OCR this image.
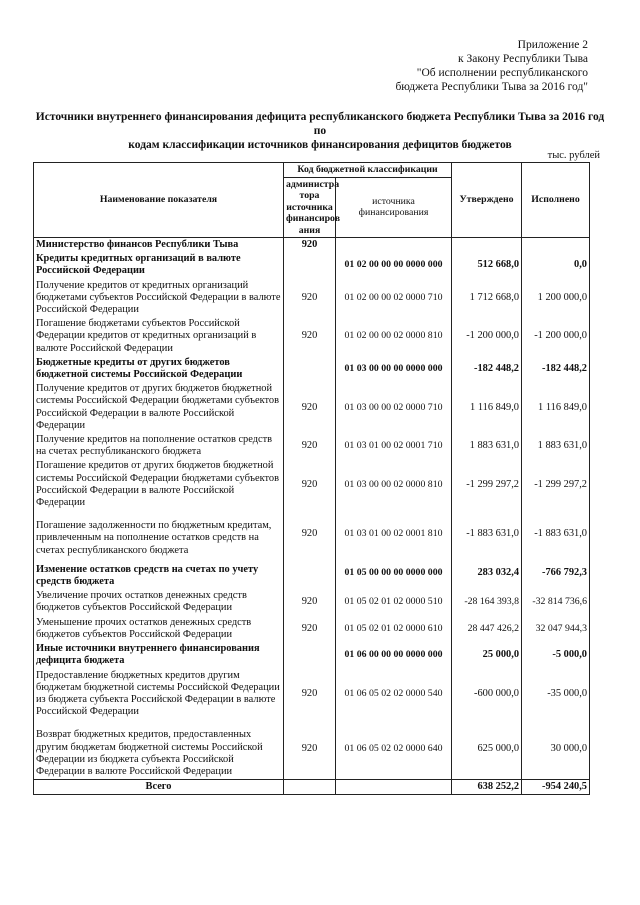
Приложение 2
к Закону Республики Тыва
"Об исполнении республиканского
бюджета Республики Тыва за 2016 год"
Источники внутреннего финансирования дефицита республиканского бюджета Республики Тыва за 2016 год по
кодам классификации источников финансирования дефицитов бюджетов
тыс. рублей
Наименование показателя	Код бюджетной классификации		Утверждено	Исполнено
	администра тора источника финансиров ания	источника финансирования		
Министерство финансов Республики Тыва	920			
Кредиты кредитных организаций в валюте Российской Федерации		01 02 00 00 00 0000 000	512 668,0	0,0
Получение кредитов от кредитных организаций бюджетами субъектов Российской Федерации в валюте Российской Федерации	920	01 02 00 00 02 0000 710	1 712 668,0	1 200 000,0
Погашение бюджетами субъектов Российской Федерации кредитов от кредитных организаций в валюте Российской Федерации	920	01 02 00 00 02 0000 810	-1 200 000,0	-1 200 000,0
Бюджетные кредиты от других бюджетов бюджетной системы Российской Федерации		01 03 00 00 00 0000 000	-182 448,2	-182 448,2
Получение кредитов от других бюджетов бюджетной системы Российской Федерации бюджетами субъектов Российской Федерации в валюте Российской Федерации	920	01 03 00 00 02 0000 710	1 116 849,0	1 116 849,0
Получение кредитов на пополнение остатков средств на счетах республиканского бюджета	920	01 03 01 00 02 0001 710	1 883 631,0	1 883 631,0
Погашение кредитов от других бюджетов бюджетной системы Российской Федерации бюджетами субъектов Российской Федерации в валюте Российской Федерации	920	01 03 00 00 02 0000 810	-1 299 297,2	-1 299 297,2
Погашение задолженности по бюджетным кредитам, привлеченным на пополнение остатков средств на счетах республиканского бюджета	920	01 03 01 00 02 0001 810	-1 883 631,0	-1 883 631,0
Изменение остатков средств на счетах по учету средств бюджета		01 05 00 00 00 0000 000	283 032,4	-766 792,3
Увеличение прочих остатков денежных средств бюджетов субъектов Российской Федерации	920	01 05 02 01 02 0000 510	-28 164 393,8	-32 814 736,6
Уменьшение прочих остатков денежных средств бюджетов субъектов Российской Федерации	920	01 05 02 01 02 0000 610	28 447 426,2	32 047 944,3
Иные источники внутреннего финансирования дефицита бюджета		01 06 00 00 00 0000 000	25 000,0	-5 000,0
Предоставление бюджетных кредитов другим бюджетам бюджетной системы Российской Федерации из бюджета субъекта Российской Федерации в валюте Российской Федерации	920	01 06 05 02 02 0000 540	-600 000,0	-35 000,0
Возврат бюджетных кредитов, предоставленных другим бюджетам бюджетной системы Российской Федерации из бюджета субъекта Российской Федерации в валюте Российской Федерации	920	01 06 05 02 02 0000 640	625 000,0	30 000,0
Всего			638 252,2	-954 240,5
